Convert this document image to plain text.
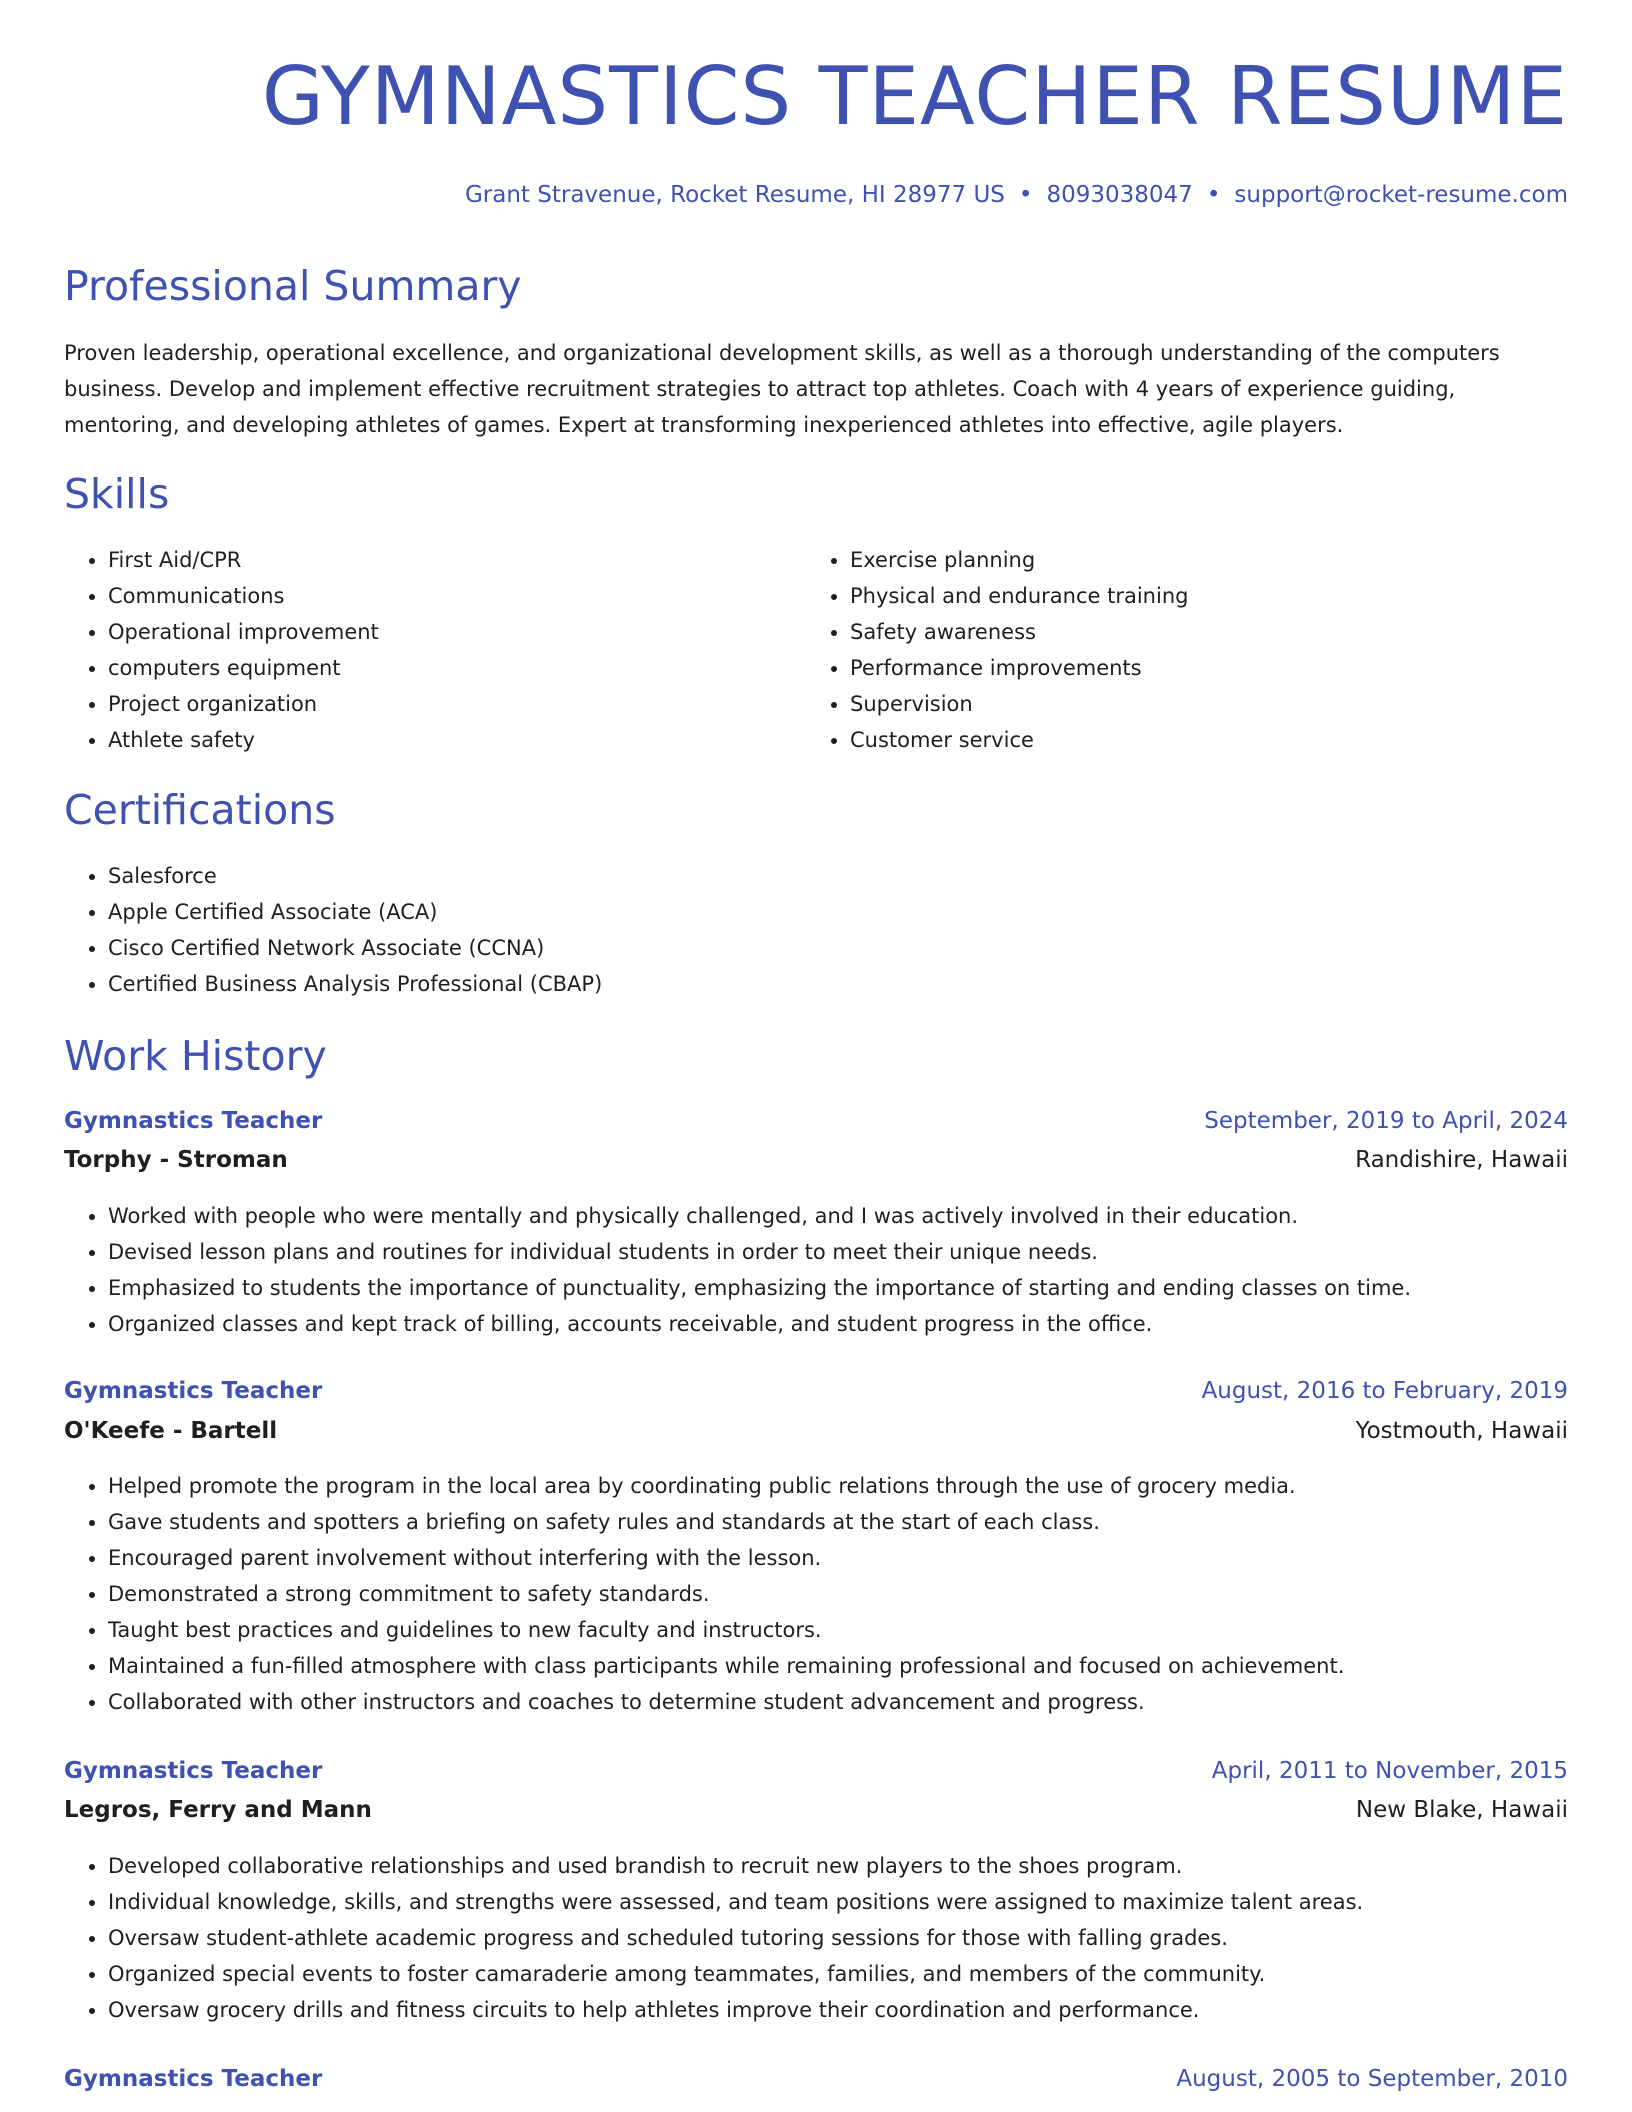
GYMNASTICS TEACHER RESUME
Grant Stravenue, Rocket Resume, HI 28977 US • 8093038047 • support@rocket-resume.com
Professional Summary

Proven leadership, operational excellence, and organizational development skills, as well as a thorough understanding of the computers business. Develop and implement effective recruitment strategies to attract top athletes. Coach with 4 years of experience guiding, mentoring, and developing athletes of games. Expert at transforming inexperienced athletes into effective, agile players.

Skills
• First Aid/CPR
• Communications
• Operational improvement
• computers equipment
• Project organization
• Athlete safety
• Exercise planning
• Physical and endurance training
• Safety awareness
• Performance improvements
• Supervision
• Customer service
Certifications
• Salesforce
• Apple Certified Associate (ACA)
• Cisco Certified Network Associate (CCNA)
• Certified Business Analysis Professional (CBAP)
Work History
Gymnastics Teacher	September, 2019 to April, 2024
Torphy - Stroman	Randishire, Hawaii
• Worked with people who were mentally and physically challenged, and I was actively involved in their education.
• Devised lesson plans and routines for individual students in order to meet their unique needs.
• Emphasized to students the importance of punctuality, emphasizing the importance of starting and ending classes on time.
• Organized classes and kept track of billing, accounts receivable, and student progress in the office.
Gymnastics Teacher	August, 2016 to February, 2019
O'Keefe - Bartell	Yostmouth, Hawaii
• Helped promote the program in the local area by coordinating public relations through the use of grocery media.
• Gave students and spotters a briefing on safety rules and standards at the start of each class.
• Encouraged parent involvement without interfering with the lesson.
• Demonstrated a strong commitment to safety standards.
• Taught best practices and guidelines to new faculty and instructors.
• Maintained a fun-filled atmosphere with class participants while remaining professional and focused on achievement.
• Collaborated with other instructors and coaches to determine student advancement and progress.
Gymnastics Teacher	April, 2011 to November, 2015
Legros, Ferry and Mann	New Blake, Hawaii
• Developed collaborative relationships and used brandish to recruit new players to the shoes program.
• Individual knowledge, skills, and strengths were assessed, and team positions were assigned to maximize talent areas.
• Oversaw student-athlete academic progress and scheduled tutoring sessions for those with falling grades.
• Organized special events to foster camaraderie among teammates, families, and members of the community.
• Oversaw grocery drills and fitness circuits to help athletes improve their coordination and performance.
Gymnastics Teacher	August, 2005 to September, 2010
